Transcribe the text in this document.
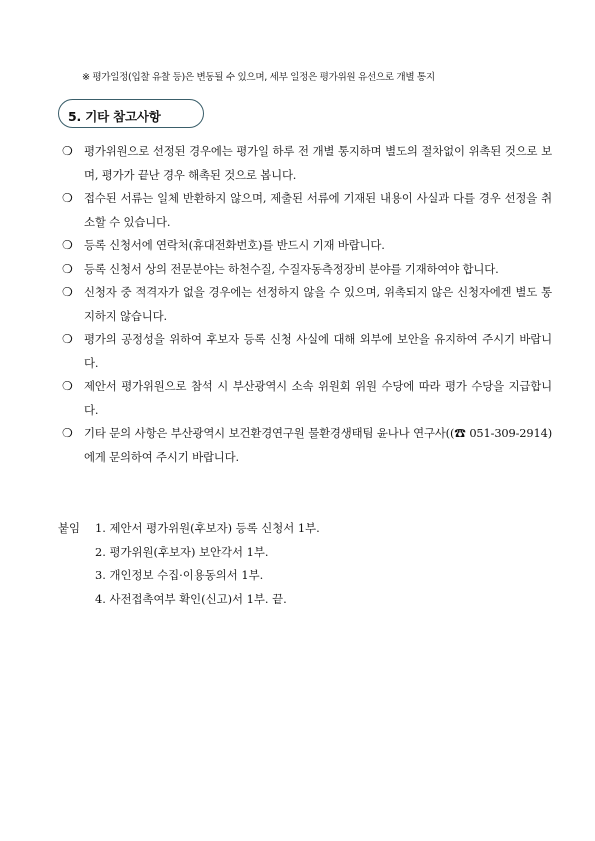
※ 평가일정(입찰 유찰 등)은 변동될 수 있으며, 세부 일정은 평가위원 유선으로 개별 통지
5. 기타 참고사항
❍ 평가위원으로 선정된 경우에는 평가일 하루 전 개별 통지하며 별도의 절차없이 위촉된 것으로 보며, 평가가 끝난 경우 해촉된 것으로 봅니다.
❍ 접수된 서류는 일체 반환하지 않으며, 제출된 서류에 기재된 내용이 사실과 다를 경우 선정을 취소할 수 있습니다.
❍ 등록 신청서에 연락처(휴대전화번호)를 반드시 기재 바랍니다.
❍ 등록 신청서 상의 전문분야는 하천수질, 수질자동측정장비 분야를 기재하여야 합니다.
❍ 신청자 중 적격자가 없을 경우에는 선정하지 않을 수 있으며, 위촉되지 않은 신청자에겐 별도 통지하지 않습니다.
❍ 평가의 공정성을 위하여 후보자 등록 신청 사실에 대해 외부에 보안을 유지하여 주시기 바랍니다.
❍ 제안서 평가위원으로 참석 시 부산광역시 소속 위원회 위원 수당에 따라 평가 수당을 지급합니다.
❍ 기타 문의 사항은 부산광역시 보건환경연구원 물환경생태팀 윤나나 연구사((☎ 051-309-2914)에게 문의하여 주시기 바랍니다.
붙임	1. 제안서 평가위원(후보자) 등록 신청서 1부.
2. 평가위원(후보자) 보안각서 1부.
3. 개인정보 수집·이용동의서 1부.
4. 사전접촉여부 확인(신고)서 1부. 끝.
